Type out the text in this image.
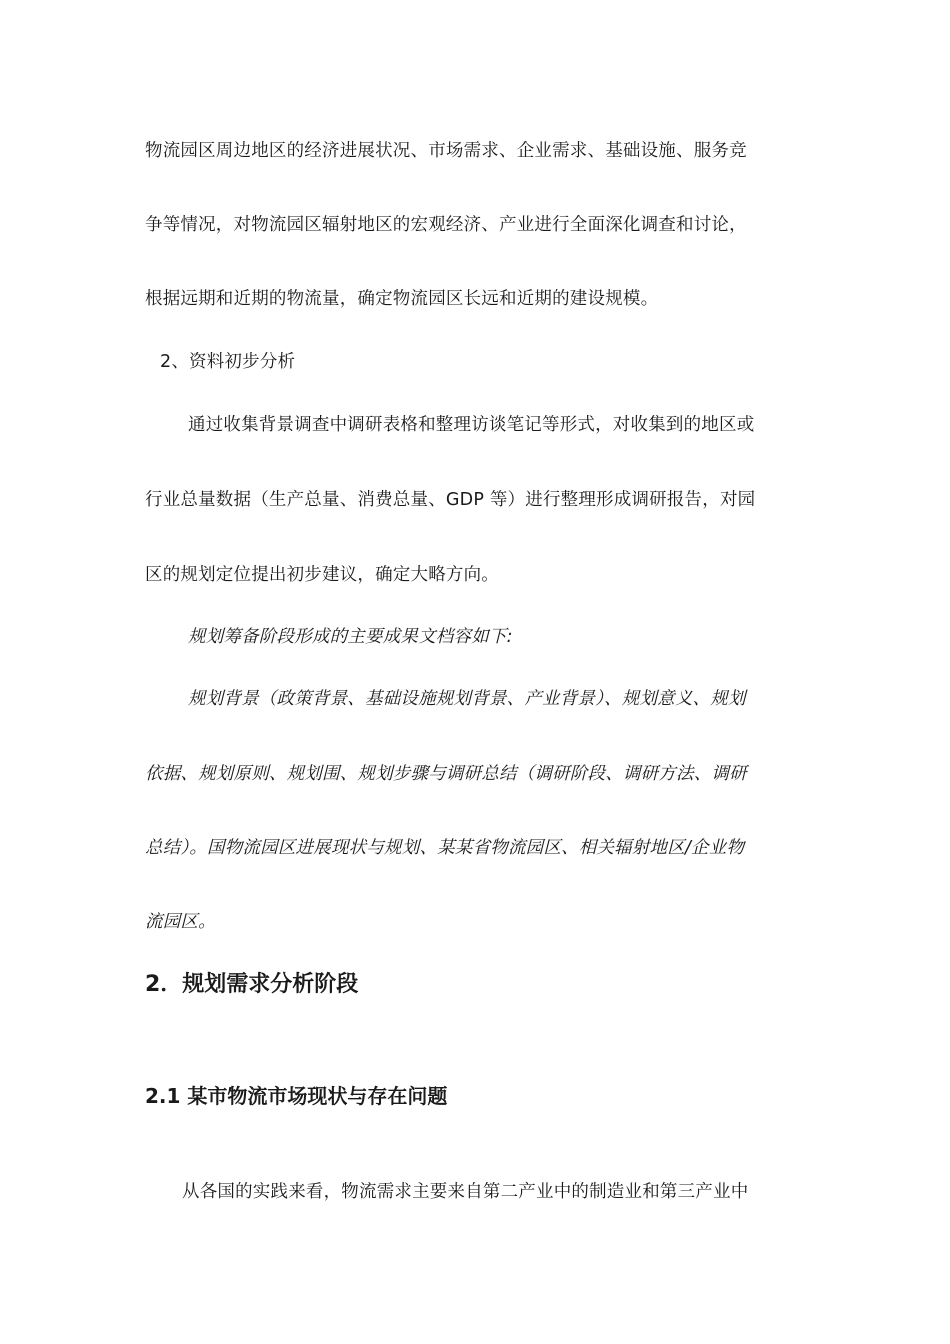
物流园区周边地区的经济进展状况、市场需求、企业需求、基础设施、服务竞
争等情况，对物流园区辐射地区的宏观经济、产业进行全面深化调查和讨论，
根据远期和近期的物流量，确定物流园区长远和近期的建设规模。
2、资料初步分析
通过收集背景调查中调研表格和整理访谈笔记等形式，对收集到的地区或
行业总量数据（生产总量、消费总量、GDP 等）进行整理形成调研报告，对园
区的规划定位提出初步建议，确定大略方向。
规划筹备阶段形成的主要成果文档容如下:
规划背景（政策背景、基础设施规划背景、产业背景）、规划意义、规划
依据、规划原则、规划围、规划步骤与调研总结（调研阶段、调研方法、调研
总结）。国物流园区进展现状与规划、某某省物流园区、相关辐射地区/企业物
流园区。
2．规划需求分析阶段
2.1 某市物流市场现状与存在问题
从各国的实践来看，物流需求主要来自第二产业中的制造业和第三产业中
